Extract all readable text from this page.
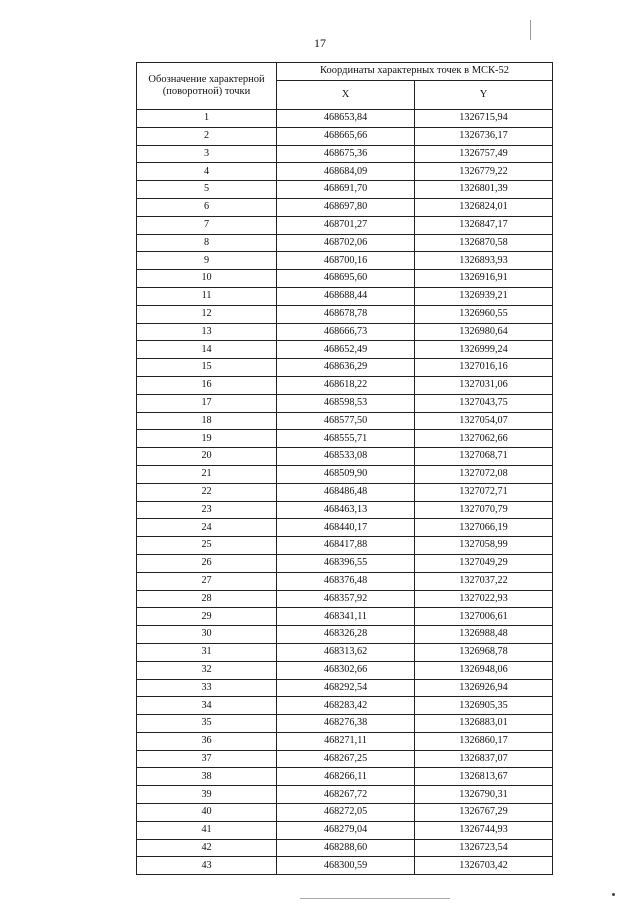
17
Обозначение характерной (поворотной) точки	Координаты характерных точек в МСК-52	
	X	Y
1	468653,84	1326715,94
2	468665,66	1326736,17
3	468675,36	1326757,49
4	468684,09	1326779,22
5	468691,70	1326801,39
6	468697,80	1326824,01
7	468701,27	1326847,17
8	468702,06	1326870,58
9	468700,16	1326893,93
10	468695,60	1326916,91
11	468688,44	1326939,21
12	468678,78	1326960,55
13	468666,73	1326980,64
14	468652,49	1326999,24
15	468636,29	1327016,16
16	468618,22	1327031,06
17	468598,53	1327043,75
18	468577,50	1327054,07
19	468555,71	1327062,66
20	468533,08	1327068,71
21	468509,90	1327072,08
22	468486,48	1327072,71
23	468463,13	1327070,79
24	468440,17	1327066,19
25	468417,88	1327058,99
26	468396,55	1327049,29
27	468376,48	1327037,22
28	468357,92	1327022,93
29	468341,11	1327006,61
30	468326,28	1326988,48
31	468313,62	1326968,78
32	468302,66	1326948,06
33	468292,54	1326926,94
34	468283,42	1326905,35
35	468276,38	1326883,01
36	468271,11	1326860,17
37	468267,25	1326837,07
38	468266,11	1326813,67
39	468267,72	1326790,31
40	468272,05	1326767,29
41	468279,04	1326744,93
42	468288,60	1326723,54
43	468300,59	1326703,42
